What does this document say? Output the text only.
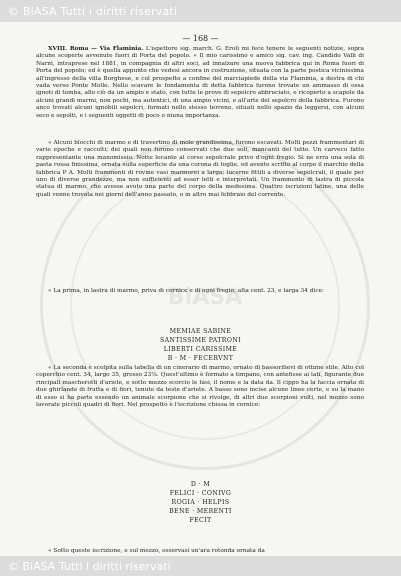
© BiASA Tutti i diritti riservati
BiASA
— 168 —

XVIII. Roma — Via Flaminia. L'ispettore sig. march. G. Eroli mi fece tenere le seguenti notizie, sopra alcune scoperte avvenute fuori di Porta del popolo. « Il mio carissimo e amico sig. cav. ing. Candido Valli di Narni, intraprese nel 1881, in compagnia di altri soci, ad innalzare una nuova fabbrica qui in Roma fuori di Porta del popolo; ed è quella appunto che vedesi ancora in costruzione, situata con la parte postica vicinissima all'ingresso della villa Borghese, e col prospetto a confine del marciapiede della via Flaminia, a destra di chi vada verso Ponte Molle. Nello scavare le fondamenta di detta fabbrica furono trovate un ammasso di ossa ignoti di tomba, allo ciò da un ampio e stato, con tutte le prove di sepolcro abbruciato, e ricoperto a scapole da alcuni grandi marmi, non pochi, ma autentici, di una ampio vicini, e all'arte del sepolcro della fabbrica. Furono anco trovati alcuni ignobili sepolcri, formati nello stesso terreno, situati nello spazio da leggersi, con alcuni seco e sepolti, e i seguenti oggetti di poco o niuna importanza.

« Alcuni blocchi di marmo e di travertino di mole grandissima, furono escavati. Molti pezzi frammentari di varie epoche e raccolti; dei quali non furono conservati che due soli, mancanti del tutto. Un carveco fatto rappresentante una manomissio. Notte locante al corso sepolcrale privo d'ogni fregio. Si ne erra una sola di pasta rossa finissima, ornata sulla superficie da una corona di foglie, ed avente scritto al corpo il marchio della fabbrica P A. Molti frammenti di rovine vasi marmorei a larga; lucerne fittili a diverse sepolcrali, il quale per uno di diverse grandezze, ma non sufficienti ad esser letti e interpretati. Un frammento di lastra di piccola statua di marmo, che avesse avuto una parte del corpo della medesima. Quattro iscrizioni latine, una delle quali venne trovata nei giorni dell'anno passato, o in altro mai febbraio del corrente.

« La prima, in lastra di marmo, priva di cornice e di ogni fregio, alta cent. 23, e larga 34 dice:

MEMIAE SABINE
SANTISSIME PATRONI
LIBERTI CARISSIME
B · M · FECERVNT

« La seconda è scolpita sulla tabella di un cinerario di marmo, ornato di bassorilievi di ottime stile. Alto col coperchio cent. 34, largo 35, grosso 23⅞. Quest'ultimo è formato a timpano, con antefisse ai lati, figurante due rincipali mascherotti d'ariete, e sotto mezzo scorcio le fasi, il nome e la data da. Il cippo ha la faccia ornata di due ghirlande di frutta e di fiori, tenute da teste d'ariete. A basso sono incise alcune linee certe, e su la mano di esso si ha parte essendo un animale scorpione che si rivolge, di altri due scorpioni volti, nel mezzo sono lavorate piccoli quadri di fiori. Nel prospetto è l'iscrizione chiusa in cornice:

D · M
FELICI · CONIVG
ROGIA · HELPIS
BENE · MERENTI
FECIT

« Sotto queste iscrizione, e sul mezzo, osservasi un'ara rotonda ornata da

© BiASA Tutti i diritti riservati
